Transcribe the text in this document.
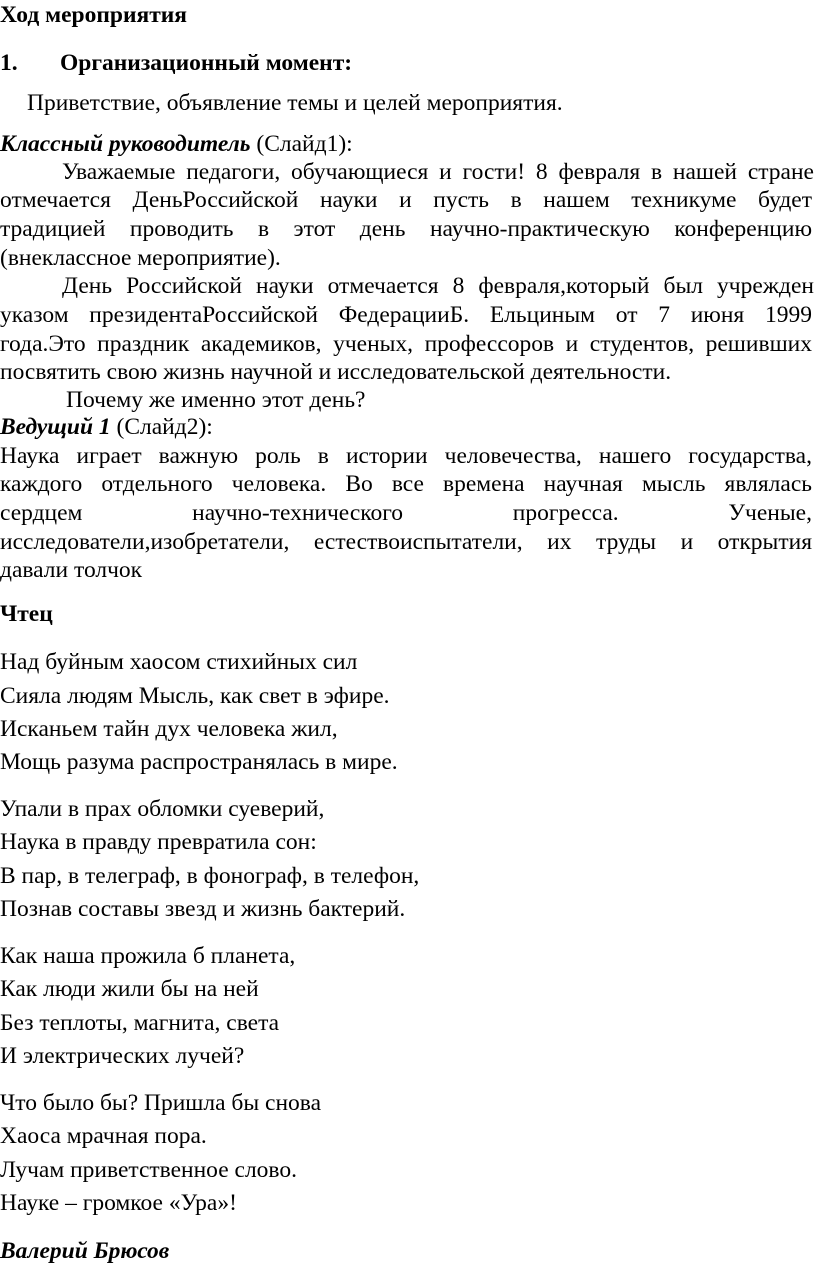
Ход мероприятия
1. Организационный момент:
Приветствие, объявление темы и целей мероприятия.
Классный руководитель (Слайд1):
Уважаемые педагоги, обучающиеся и гости! 8 февраля в нашей стране
отмечается ДеньРоссийской науки и пусть в нашем техникуме будет
традицией проводить в этот день научно-практическую конференцию
(внеклассное мероприятие).
День Российской науки отмечается 8 февраля,который был учрежден
указом президентаРоссийской ФедерацииБ. Ельциным от 7 июня 1999
года.Это праздник академиков, ученых, профессоров и студентов, решивших
посвятить свою жизнь научной и исследовательской деятельности.
Почему же именно этот день?
Ведущий 1 (Слайд2):
Наука играет важную роль в истории человечества, нашего государства,
каждого отдельного человека. Во все времена научная мысль являлась
сердцем	научно-технического	прогресса.	Ученые,
исследователи,изобретатели, естествоиспытатели, их труды и открытия
давали толчок
Чтец
Над буйным хаосом стихийных сил
Сияла людям Мысль, как свет в эфире.
Исканьем тайн дух человека жил,
Мощь разума распространялась в мире.
Упали в прах обломки суеверий,
Наука в правду превратила сон:
В пар, в телеграф, в фонограф, в телефон,
Познав составы звезд и жизнь бактерий.
Как наша прожила б планета,
Как люди жили бы на ней
Без теплоты, магнита, света
И электрических лучей?
Что было бы? Пришла бы снова
Хаоса мрачная пора.
Лучам приветственное слово.
Науке – громкое «Ура»!
Валерий Брюсов
